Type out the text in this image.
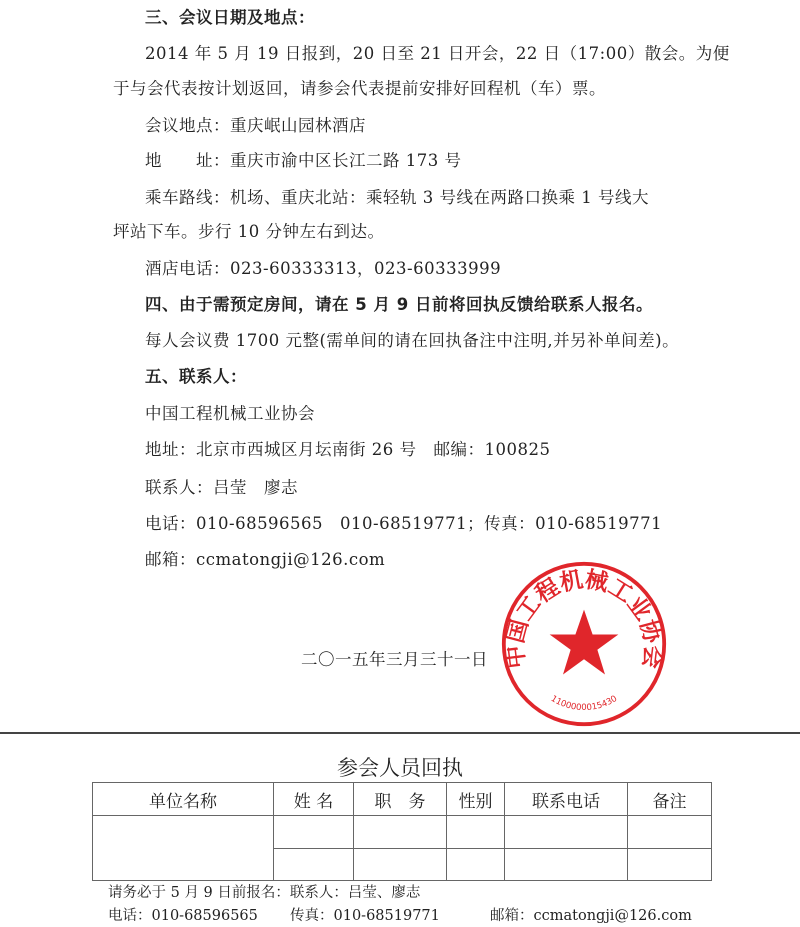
三、会议日期及地点：
2014 年 5 月 19 日报到，20 日至 21 日开会，22 日（17:00）散会。为便
于与会代表按计划返回，请参会代表提前安排好回程机（车）票。
会议地点：重庆岷山园林酒店
地　　址：重庆市渝中区长江二路 173 号
乘车路线：机场、重庆北站：乘轻轨 3 号线在两路口换乘 1 号线大
坪站下车。步行 10 分钟左右到达。
酒店电话：023-60333313，023-60333999
四、由于需预定房间，请在 5 月 9 日前将回执反馈给联系人报名。
每人会议费 1700 元整(需单间的请在回执备注中注明,并另补单间差)。
五、联系人：
中国工程机械工业协会
地址：北京市西城区月坛南街 26 号　邮编：100825
联系人：吕莹　廖志
电话：010-68596565　010-68519771；传真：010-68519771
邮箱：ccmatongji@126.com
中国工程机械工业协会
1100000015430
二〇一五年三月三十一日
参会人员回执
单位名称	姓 名	职　务	性别	联系电话	备注

请务必于 5 月 9 日前报名：联系人：吕莹、廖志
电话：010-68596565 传真：010-68519771	邮箱：ccmatongji@126.com
